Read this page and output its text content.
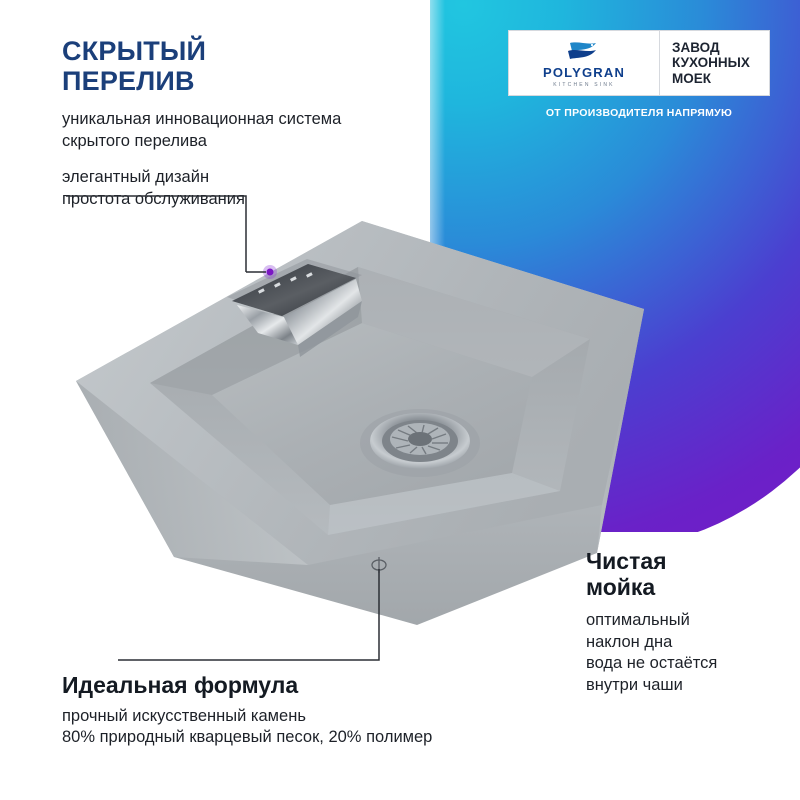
POLYGRAN
KITCHEN SINK
ЗАВОД
КУХОННЫХ
МОЕК
ОТ ПРОИЗВОДИТЕЛЯ НАПРЯМУЮ
СКРЫТЫЙ
ПЕРЕЛИВ
уникальная инновационная система
скрытого перелива
элегантный дизайн
простота обслуживания
Идеальная формула

прочный искусственный камень
80% природный кварцевый песок, 20% полимер

Чистая
мойка

оптимальный
наклон дна
вода не остаётся
внутри чаши
